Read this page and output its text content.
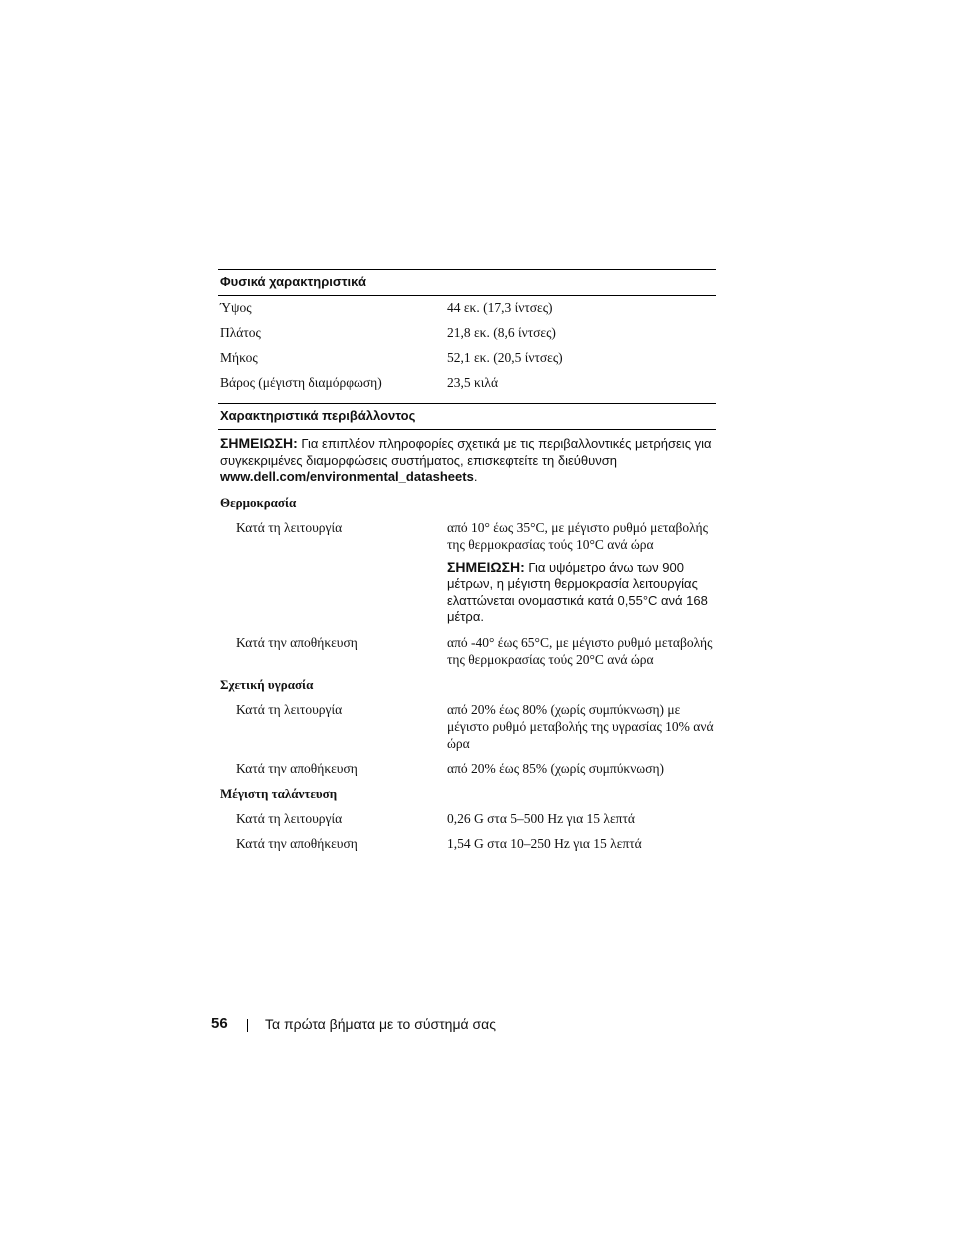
Φυσικά χαρακτηριστικά
Ύψος	44 εκ. (17,3 ίντσες)
Πλάτος	21,8 εκ. (8,6 ίντσες)
Μήκος	52,1 εκ. (20,5 ίντσες)
Βάρος (μέγιστη διαμόρφωση)	23,5 κιλά
Χαρακτηριστικά περιβάλλοντος
ΣΗΜΕΙΩΣΗ: Για επιπλέον πληροφορίες σχετικά με τις περιβαλλοντικές μετρήσεις για συγκεκριμένες διαμορφώσεις συστήματος, επισκεφτείτε τη διεύθυνση www.dell.com/environmental_datasheets.
Θερμοκρασία
Κατά τη λειτουργία	από 10° έως 35°C, με μέγιστο ρυθμό μεταβολής της θερμοκρασίας τούς 10°C ανά ώρα
ΣΗΜΕΙΩΣΗ: Για υψόμετρο άνω των 900 μέτρων, η μέγιστη θερμοκρασία λειτουργίας ελαττώνεται ονομαστικά κατά 0,55°C ανά 168 μέτρα.
Κατά την αποθήκευση	από -40° έως 65°C, με μέγιστο ρυθμό μεταβολής της θερμοκρασίας τούς 20°C ανά ώρα
Σχετική υγρασία
Κατά τη λειτουργία	από 20% έως 80% (χωρίς συμπύκνωση) με μέγιστο ρυθμό μεταβολής της υγρασίας 10% ανά ώρα
Κατά την αποθήκευση	από 20% έως 85% (χωρίς συμπύκνωση)
Μέγιστη ταλάντευση
Κατά τη λειτουργία	0,26 G στα 5–500 Hz για 15 λεπτά
Κατά την αποθήκευση	1,54 G στα 10–250 Hz για 15 λεπτά
56	Τα πρώτα βήματα με το σύστημά σας
